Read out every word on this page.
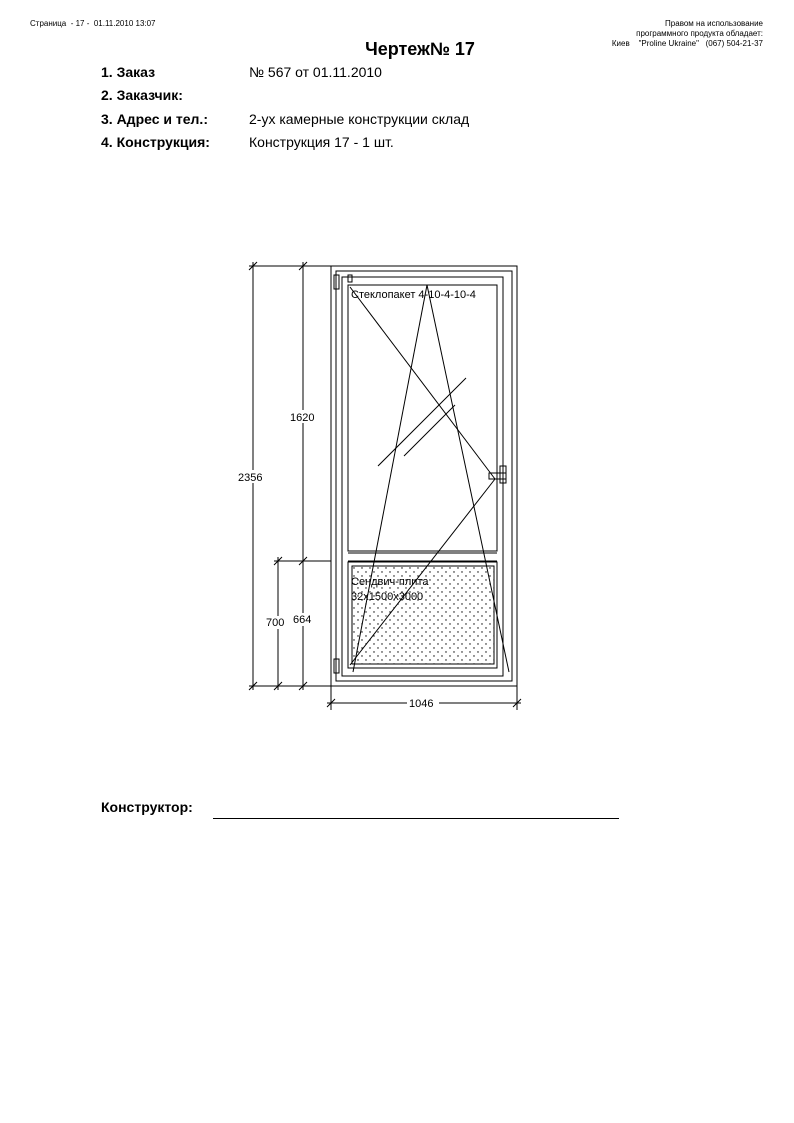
Страница  - 17 -  01.11.2010 13:07	Правом на использование
программного продукта обладает:
Киев    "Proline Ukraine"   (067) 504-21-37
Чертеж№ 17
1. Заказ	№ 567 от 01.11.2010
2. Заказчик:
3. Адрес и тел.:	2-ух камерные конструкции склад
4. Конструкция:	Конструкция 17 - 1 шт.
Стеклопакет 4-10-4-10-4
Сендвич-плита
32x1500x3000
2356
1620
700 664
1046
Конструктор:
